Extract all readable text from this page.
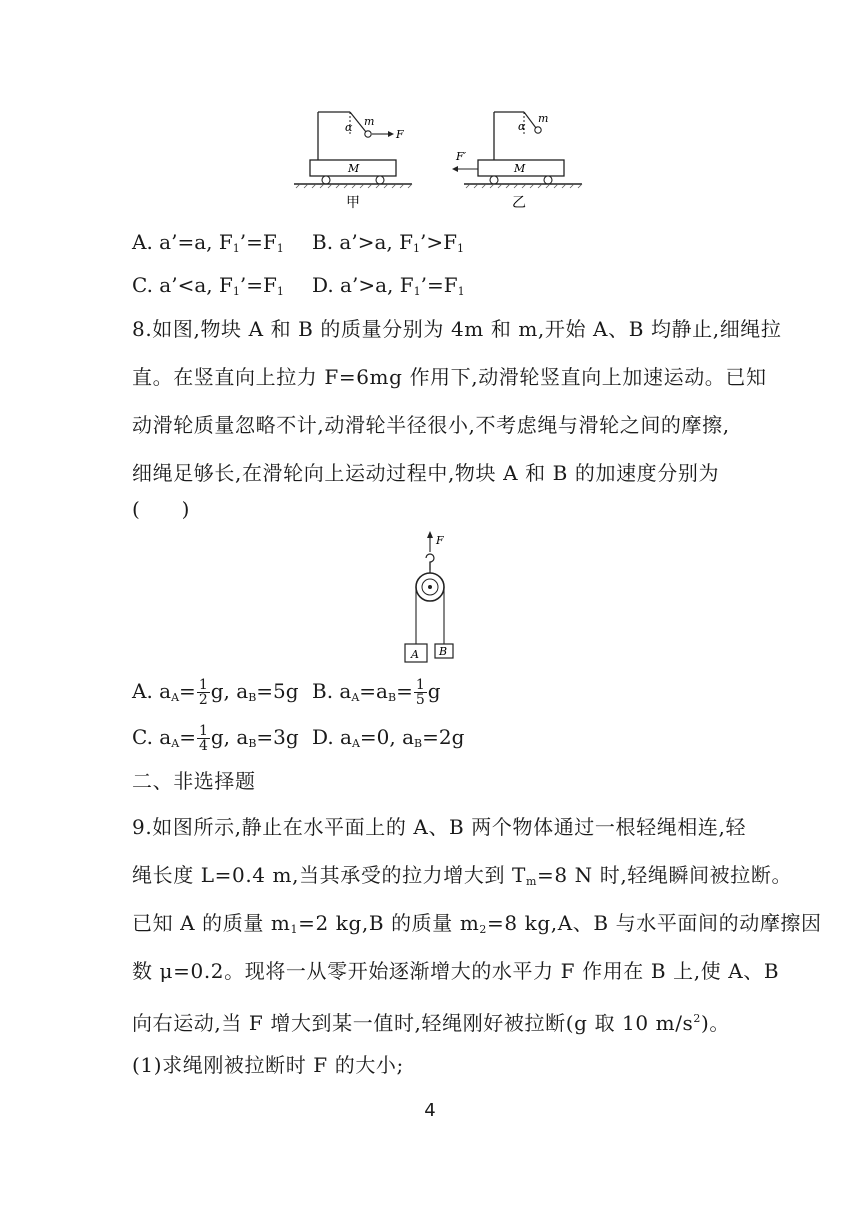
α m
F
M
甲
α
m
M
F′
乙
A. a’=a, $F_1’=F_1$ B. a’>a, $F_1’>F_1$
C. a’<a, $F_1’=F_1$ D. a’>a, $F_1’=F_1$
8.如图,物块 A 和 B 的质量分别为 4m 和 m,开始 A、B 均静止,细绳拉
直。在竖直向上拉力 F=6mg 作用下,动滑轮竖直向上加速运动。已知
动滑轮质量忽略不计,动滑轮半径很小,不考虑绳与滑轮之间的摩擦,
细绳足够长,在滑轮向上运动过程中,物块 A 和 B 的加速度分别为
(　　)
F
A B
A. $a_A= \frac{1}{2} g$, $a_B=5g$ B. $a_A=a_B= \frac{1}{5}$ g
C. $a_A= \frac{1}{4} g$, $a_B=3g$ D. $a_A=0$, $a_B=2g$
二、非选择题
9.如图所示,静止在水平面上的 A、B 两个物体通过一根轻绳相连,轻
绳长度 L=0.4 m,当其承受的拉力增大到 $T_m=8$ N 时,轻绳瞬间被拉断。
已知 A 的质量 $m_1=2$ kg,B 的质量 $m_2=8$ kg,A、B 与水平面间的动摩擦因
数 μ=0.2。现将一从零开始逐渐增大的水平力 F 作用在 B 上,使 A、B
向右运动,当 F 增大到某一值时,轻绳刚好被拉断(g 取 10 $m/s^2$)。
(1)求绳刚被拉断时 F 的大小;
4
